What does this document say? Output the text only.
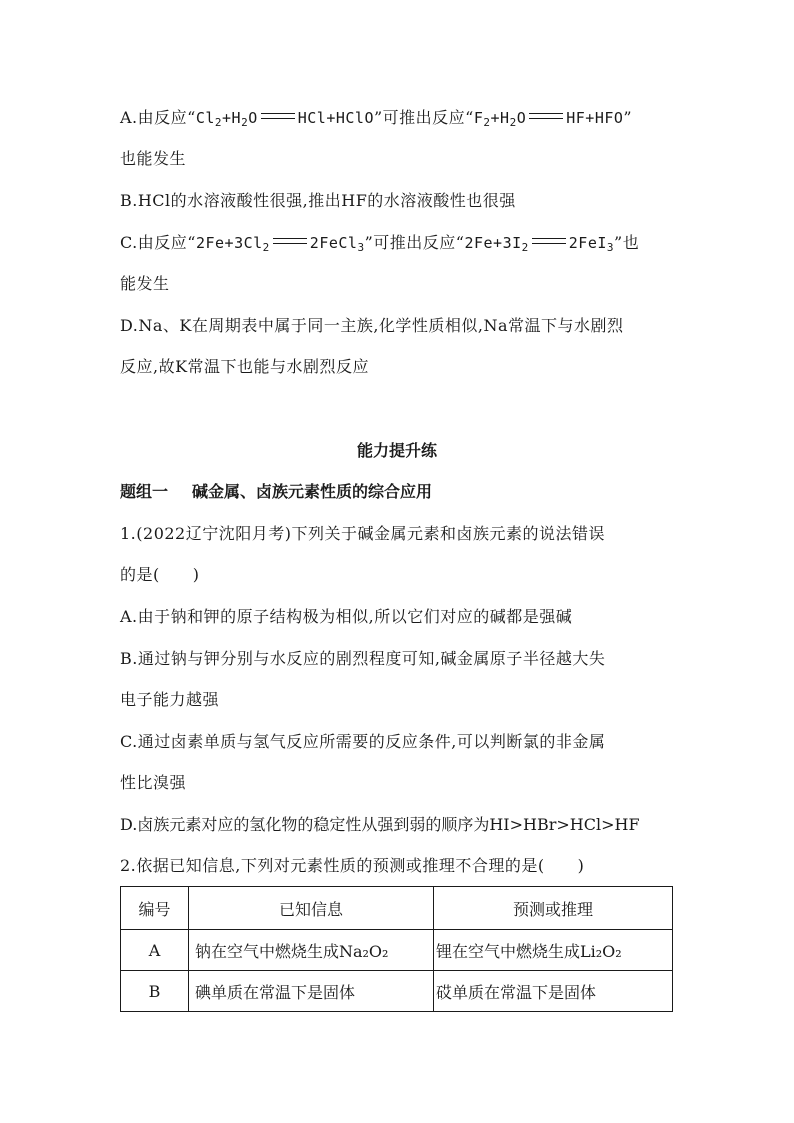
A.由反应“$Cl_2+H_2O$	HCl+HClO”可推出反应“$F_2+H_2O$	HF+HFO”
也能发生
B.HCl的水溶液酸性很强,推出HF的水溶液酸性也很强
C.由反应“$2Fe+3Cl_2$	2FeCl$_3$”可推出反应“$2Fe+3I_2$	2FeI$_3$”也
能发生
D.Na、K在周期表中属于同一主族,化学性质相似,Na常温下与水剧烈
反应,故K常温下也能与水剧烈反应
能力提升练
题组一 碱金属、卤族元素性质的综合应用
1.(2022辽宁沈阳月考)下列关于碱金属元素和卤族元素的说法错误
的是(　　)
A.由于钠和钾的原子结构极为相似,所以它们对应的碱都是强碱
B.通过钠与钾分别与水反应的剧烈程度可知,碱金属原子半径越大失
电子能力越强
C.通过卤素单质与氢气反应所需要的反应条件,可以判断氯的非金属
性比溴强
D.卤族元素对应的氢化物的稳定性从强到弱的顺序为HI>HBr>HCl>HF
2.依据已知信息,下列对元素性质的预测或推理不合理的是(　　)
编号	已知信息	预测或推理
A	钠在空气中燃烧生成Na₂O₂	锂在空气中燃烧生成Li₂O₂
B	碘单质在常温下是固体	砹单质在常温下是固体
